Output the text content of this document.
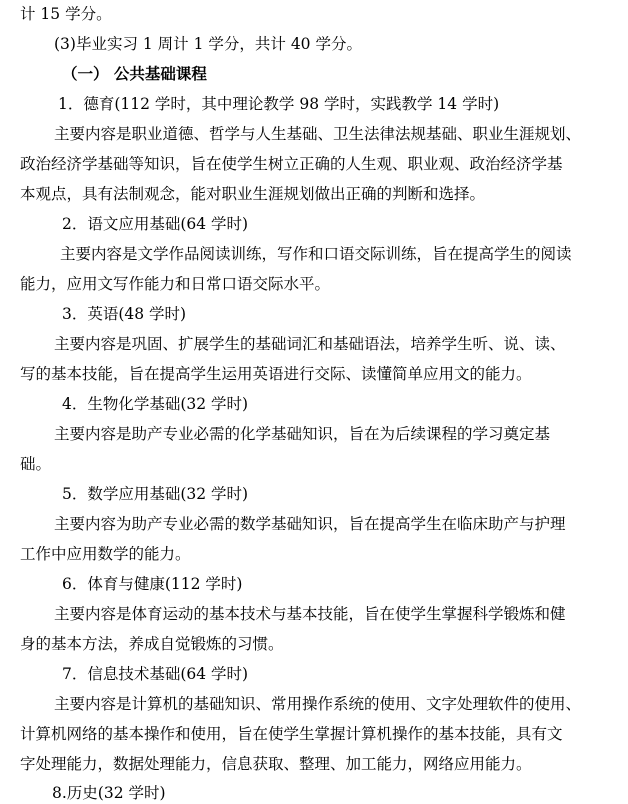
计 15 学分。
(3)毕业实习 1 周计 1 学分，共计 40 学分。
（一） 公共基础课程
1．德育(112 学时，其中理论教学 98 学时，实践教学 14 学时)
主要内容是职业道德、哲学与人生基础、卫生法律法规基础、职业生涯规划、
政治经济学基础等知识，旨在使学生树立正确的人生观、职业观、政治经济学基
本观点，具有法制观念，能对职业生涯规划做出正确的判断和选择。
2．语文应用基础(64 学时)
主要内容是文学作品阅读训练，写作和口语交际训练，旨在提高学生的阅读
能力，应用文写作能力和日常口语交际水平。
3．英语(48 学时)
主要内容是巩固、扩展学生的基础词汇和基础语法，培养学生听、说、读、
写的基本技能，旨在提高学生运用英语进行交际、读懂简单应用文的能力。
4．生物化学基础(32 学时)
主要内容是助产专业必需的化学基础知识，旨在为后续课程的学习奠定基
础。
5．数学应用基础(32 学时)
主要内容为助产专业必需的数学基础知识，旨在提高学生在临床助产与护理
工作中应用数学的能力。
6．体育与健康(112 学时)
主要内容是体育运动的基本技术与基本技能，旨在使学生掌握科学锻炼和健
身的基本方法，养成自觉锻炼的习惯。
7．信息技术基础(64 学时)
主要内容是计算机的基础知识、常用操作系统的使用、文字处理软件的使用、
计算机网络的基本操作和使用，旨在使学生掌握计算机操作的基本技能，具有文
字处理能力，数据处理能力，信息获取、整理、加工能力，网络应用能力。
8.历史(32 学时)
